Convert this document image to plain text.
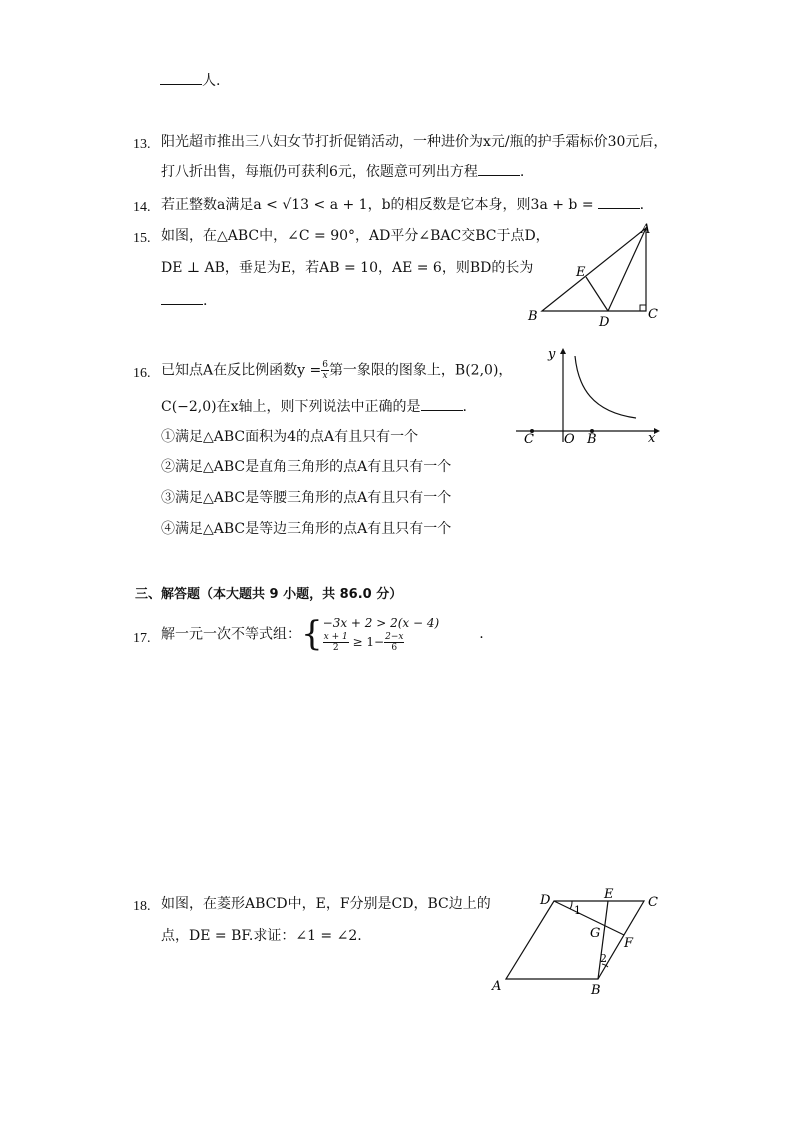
人.
13. 阳光超市推出三八妇女节打折促销活动，一种进价为x元/瓶的护手霜标价30元后，
打八折出售，每瓶仍可获利6元，依题意可列出方程	.
14. 若正整数a满足a < √13 < a + 1，b的相反数是它本身，则3a + b =	.
15. 如图，在△ABC中，∠C = 90°，AD平分∠BAC交BC于点D，
DE ⊥ AB，垂足为E，若AB = 10，AE = 6，则BD的长为
.
A
B	C
D
E
16. 已知点A在反比例函数$y = \frac{6}{x}$ 第一象限的图象上，B(2,0)，
C(−2,0)在x轴上，则下列说法中正确的是	.
①满足△ABC面积为4的点A有且只有一个
②满足△ABC是直角三角形的点A有且只有一个
③满足△ABC是等腰三角形的点A有且只有一个
④满足△ABC是等边三角形的点A有且只有一个
y
x
O B
C
三、解答题（本大题共 9 小题，共 86.0 分）
17. 解一元一次不等式组：{ −3x + 2 > 2(x − 4)
$\frac{x + 1}{2} \ge 1- \frac{2-x}{6}$	.
18. 如图，在菱形ABCD中，E，F分别是CD，BC边上的
点，DE = BF.求证：∠1 = ∠2.
A	B
C
D	E
F
G
1
2
